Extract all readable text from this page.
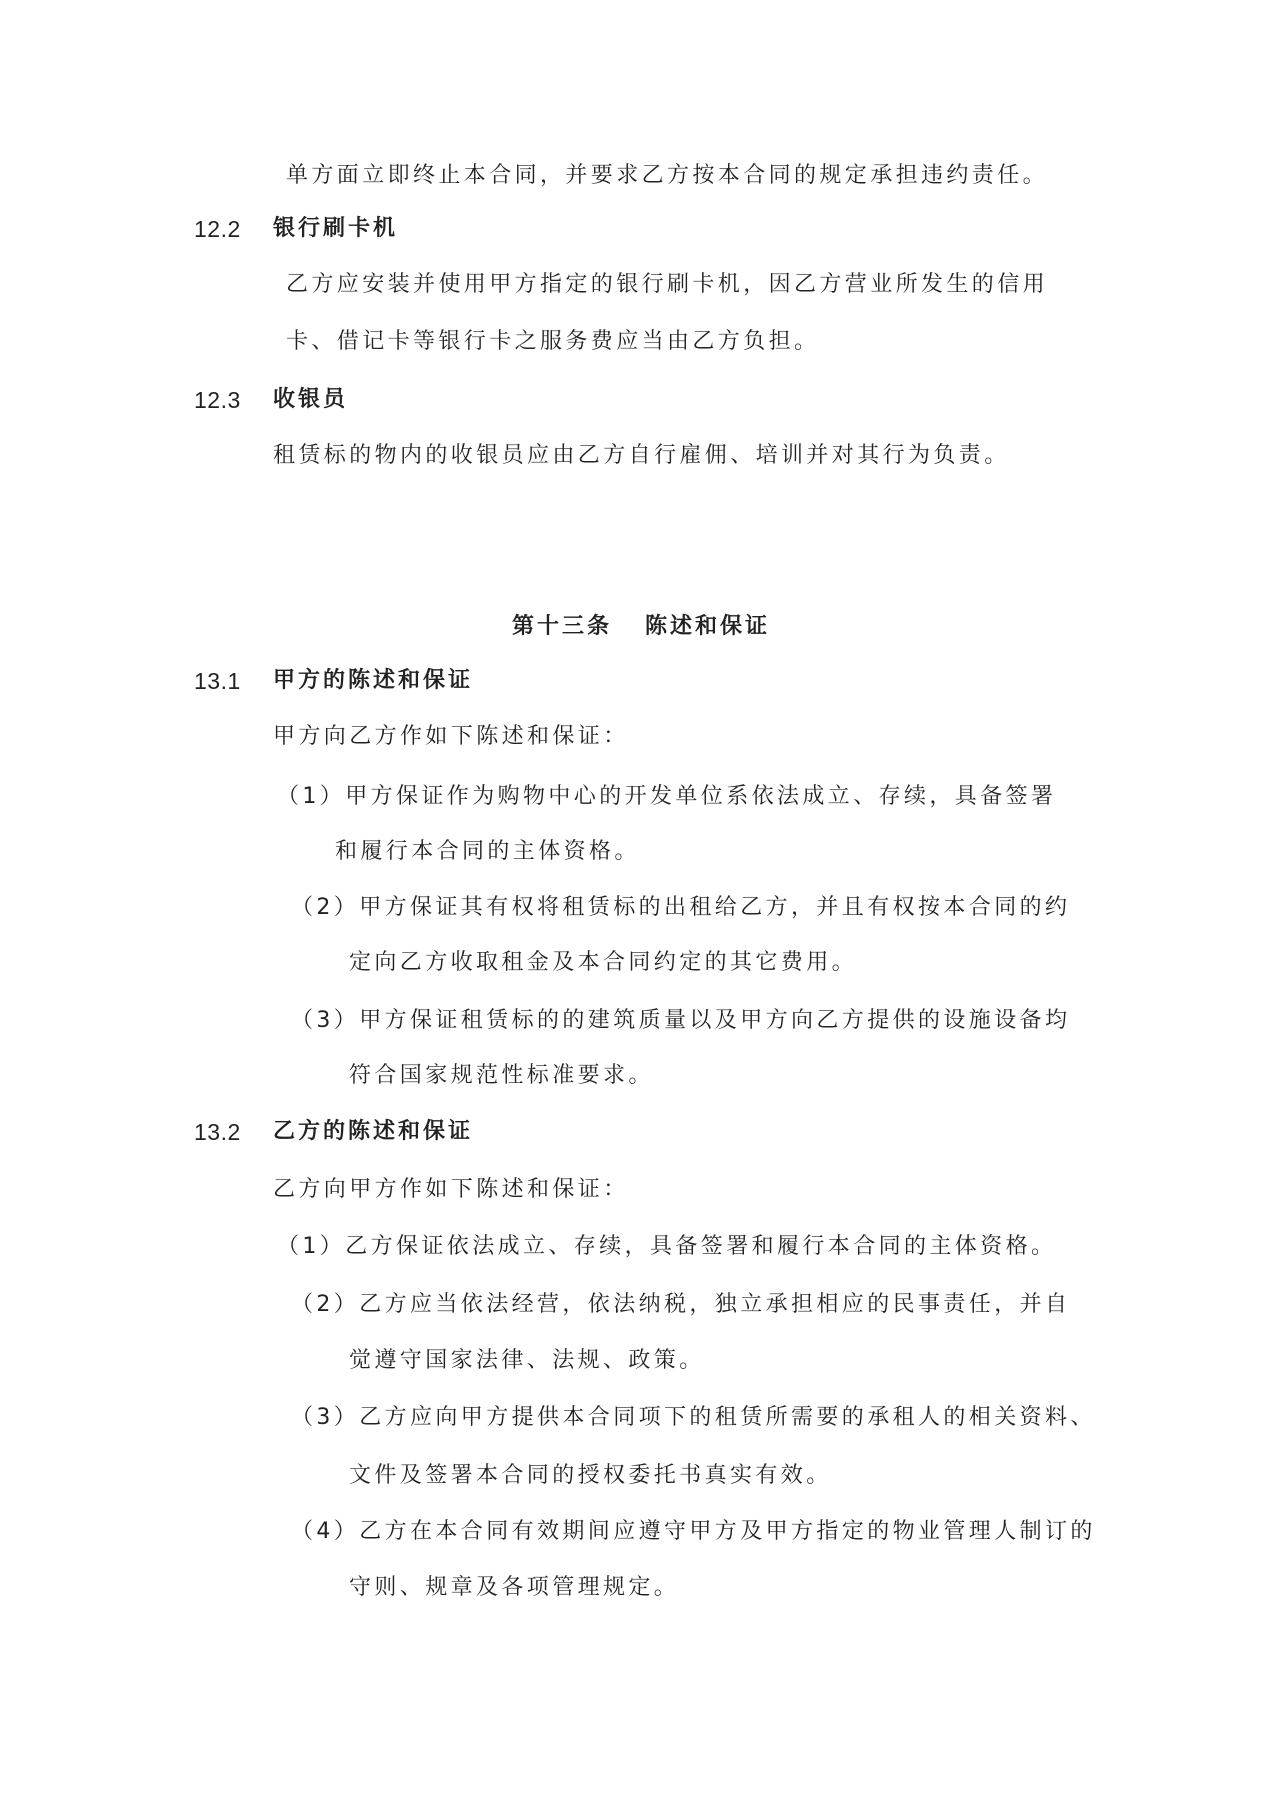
单方面立即终止本合同，并要求乙方按本合同的规定承担违约责任。
12.2 银行刷卡机
乙方应安装并使用甲方指定的银行刷卡机，因乙方营业所发生的信用
卡、借记卡等银行卡之服务费应当由乙方负担。
12.3 收银员
租赁标的物内的收银员应由乙方自行雇佣、培训并对其行为负责。
第十三条 陈述和保证
13.1 甲方的陈述和保证
甲方向乙方作如下陈述和保证：
（1）甲方保证作为购物中心的开发单位系依法成立、存续，具备签署
和履行本合同的主体资格。
（2）甲方保证其有权将租赁标的出租给乙方，并且有权按本合同的约
定向乙方收取租金及本合同约定的其它费用。
（3）甲方保证租赁标的的建筑质量以及甲方向乙方提供的设施设备均
符合国家规范性标准要求。
13.2 乙方的陈述和保证
乙方向甲方作如下陈述和保证：
（1）乙方保证依法成立、存续，具备签署和履行本合同的主体资格。
（2）乙方应当依法经营，依法纳税，独立承担相应的民事责任，并自
觉遵守国家法律、法规、政策。
（3）乙方应向甲方提供本合同项下的租赁所需要的承租人的相关资料、
文件及签署本合同的授权委托书真实有效。
（4）乙方在本合同有效期间应遵守甲方及甲方指定的物业管理人制订的
守则、规章及各项管理规定。
